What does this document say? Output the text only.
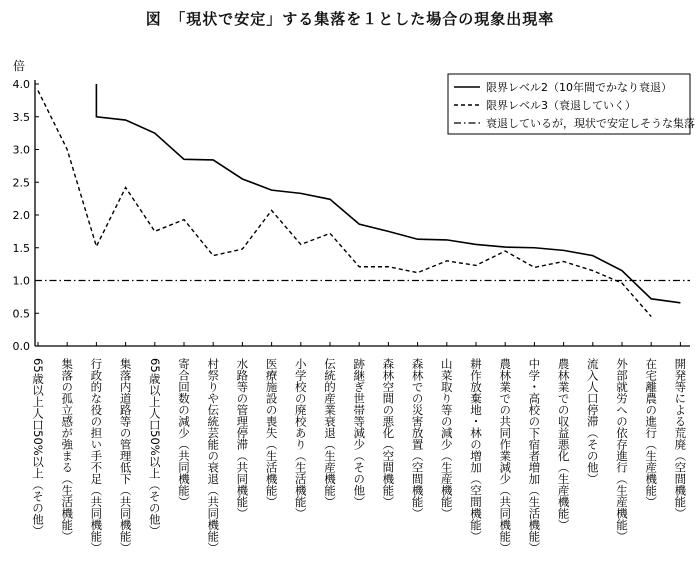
図　「現状で安定」する集落を１とした場合の現象出現率
0.0
0.5
1.0
1.5
2.0
2.5
3.0
3.5
4.0
倍
65歳以上人口50%以上（その他） 集落の孤立感が強まる（生活機能） 行政的な役の担い手不足（共同機能） 集落内道路等の管理低下（共同機能） 65歳以上人口50%以上（その他） 寄合回数の減少（共同機能） 村祭りや伝統芸能の衰退（共同機能） 水路等の管理停滞（共同機能） 医療施設の喪失（生活機能） 小学校の廃校あり（生活機能） 伝統的産業衰退（生産機能） 跡継ぎ世帯等減少（その他） 森林空間の悪化（空間機能） 森林での災害放置（空間機能） 山菜取り等の減少（生産機能） 耕作放棄地・林の増加（空間機能） 農林業での共同作業減少（共同機能） 中学・高校の下宿者増加（生活機能） 農林業での収益悪化（生産機能） 流入人口停滞（その他） 外部就労への依存進行（生産機能） 在宅離農の進行（生産機能） 開発等による荒廃（空間機能）
限界レベル2（10年間でかなり衰退）
限界レベル3（衰退していく）
衰退しているが，現状で安定しそうな集落
